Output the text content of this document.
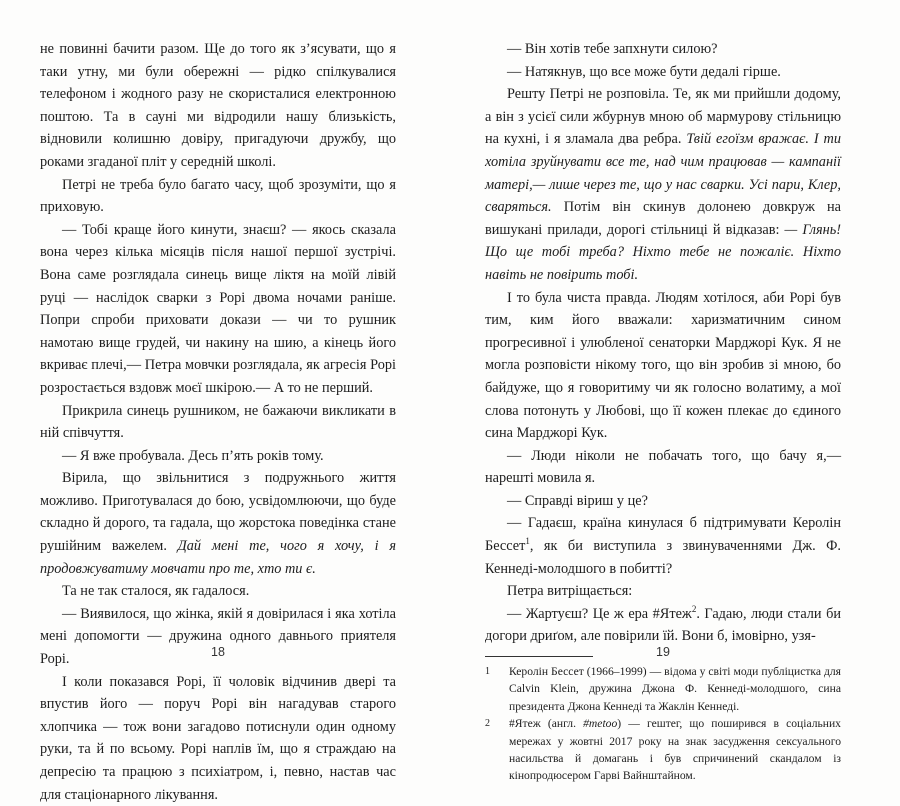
не повинні бачити разом. Ще до того як з’ясувати, що я таки утну, ми були обережні — рідко спілкувалися телефоном і жодного разу не скористалися електронною поштою. Та в сауні ми відродили нашу близькість, відновили колишню довіру, пригадуючи дружбу, що роками згаданої пліт у середній школі.

Петрі не треба було багато часу, щоб зрозуміти, що я приховую.

— Тобі краще його кинути, знаєш? — якось сказала вона через кілька місяців після нашої першої зустрічі. Вона саме розглядала синець вище ліктя на моїй лівій руці — наслідок сварки з Рорі двома ночами раніше. Попри спроби приховати докази — чи то рушник намотаю вище грудей, чи накину на шию, а кінець його вкриває плечі,— Петра мовчки розглядала, як агресія Рорі розростається вздовж моєї шкірою.— А то не перший.

Прикрила синець рушником, не бажаючи викликати в ній співчуття.

— Я вже пробувала. Десь п’ять років тому.

Вірила, що звільнитися з подружнього життя можливо. Приготувалася до бою, усвідомлюючи, що буде складно й дорого, та гадала, що жорстока поведінка стане рушійним важелем. Дай мені те, чого я хочу, і я продовжуватиму мовчати про те, хто ти є.

Та не так сталося, як гадалося.

— Виявилося, що жінка, якій я довірилася і яка хотіла мені допомогти — дружина одного давнього приятеля Рорі.

І коли показався Рорі, її чоловік відчинив двері та впустив його — поруч Рорі він нагадував старого хлопчика — тож вони загадово потиснули один одному руки, та й по всьому. Рорі наплів їм, що я страждаю на депресію та працюю з психіатром, і, певно, настав час для стаціонарного лікування.

— Він хотів тебе запхнути силою?

— Натякнув, що все може бути дедалі гірше.

Решту Петрі не розповіла. Те, як ми прийшли додому, а він з усієї сили жбурнув мною об мармурову стільницю на кухні, і я зламала два ребра. Твій егоїзм вражає. І ти хотіла зруйнувати все те, над чим працював — кампанії матері,— лише через те, що у нас сварки. Усі пари, Клер, сваряться. Потім він скинув долонею довкруж на вишукані прилади, дорогі стільниці й відказав: — Глянь! Що ще тобі треба? Ніхто тебе не пожаліє. Ніхто навіть не повірить тобі.

І то була чиста правда. Людям хотілося, аби Рорі був тим, ким його вважали: харизматичним сином прогресивної і улюбленої сенаторки Марджорі Кук. Я не могла розповісти нікому того, що він зробив зі мною, бо байдуже, що я говоритиму чи як голосно волатиму, а мої слова потонуть у Любові, що її кожен плекає до єдиного сина Марджорі Кук.

— Люди ніколи не побачать того, що бачу я,— нарешті мовила я.

— Справді віриш у це?

— Гадаєш, країна кинулася б підтримувати Керолін Бессет$^1$, як би виступила з звинуваченнями Дж. Ф. Кеннеді-молодшого в побитті?

Петра витріщається:

— Жартуєш? Це ж ера #Ятеж$^2$. Гадаю, люди стали би догори дриґом, але повірили їй. Вони б, імовірно, узя-

1 Керолін Бессет (1966–1999) — відома у світі моди публіцистка для Calvin Klein, дружина Джона Ф. Кеннеді-молодшого, сина президента Джона Кеннеді та Жаклін Кеннеді.

2 #Ятеж (англ. #metoo) — гештег, що поширився в соціальних мережах у жовтні 2017 року на знак засудження сексуального насильства й домагань і був спричинений скандалом із кінопродюсером Гарві Вайнштайном.

18	19
